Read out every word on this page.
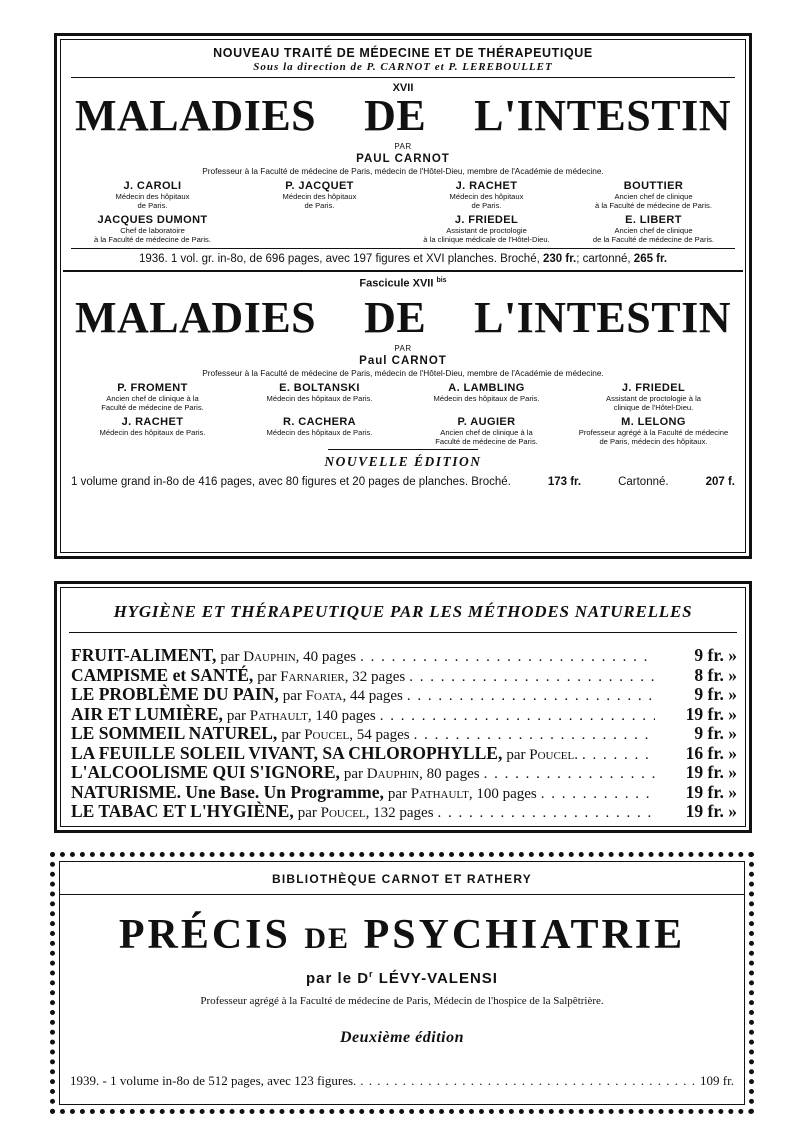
NOUVEAU TRAITÉ DE MÉDECINE ET DE THÉRAPEUTIQUE
Sous la direction de P. CARNOT et P. LEREBOULLET
XVII
MALADIES DE L'INTESTIN
PAR
PAUL CARNOT
Professeur à la Faculté de médecine de Paris, médecin de l'Hôtel-Dieu, membre de l'Académie de médecine.
J. CAROLI
Médecin des hôpitaux
de Paris.
P. JACQUET
Médecin des hôpitaux
de Paris.
J. RACHET
Médecin des hôpitaux
de Paris.
BOUTTIER
Ancien chef de clinique
à la Faculté de médecine de Paris.
JACQUES DUMONT
Chef de laboratoire
à la Faculté de médecine de Paris.
J. FRIEDEL
Assistant de proctologie
à la clinique médicale de l'Hôtel-Dieu.
E. LIBERT
Ancien chef de clinique
de la Faculté de médecine de Paris.
1936. 1 vol. gr. in-8o, de 696 pages, avec 197 figures et XVI planches. Broché, 230 fr.; cartonné, 265 fr.
Fascicule XVII $^{bis}$
MALADIES DE L'INTESTIN
PAR
Paul CARNOT
Professeur à la Faculté de médecine de Paris, médecin de l'Hôtel-Dieu, membre de l'Académie de médecine.
P. FROMENT
Ancien chef de clinique à la
Faculté de médecine de Paris.
E. BOLTANSKI
Médecin des hôpitaux de Paris.
A. LAMBLING
Médecin des hôpitaux de Paris.
J. FRIEDEL
Assistant de proctologie à la
clinique de l'Hôtel-Dieu.
J. RACHET
Médecin des hôpitaux de Paris.
R. CACHERA
Médecin des hôpitaux de Paris.
P. AUGIER
Ancien chef de clinique à la
Faculté de médecine de Paris.
M. LELONG
Professeur agrégé à la Faculté de médecine
de Paris, médecin des hôpitaux.
NOUVELLE ÉDITION
1 volume grand in-8o de 416 pages, avec 80 figures et 20 pages de planches. Broché.	173 fr.	Cartonné.	207 f.
HYGIÈNE ET THÉRAPEUTIQUE PAR LES MÉTHODES NATURELLES
FRUIT-ALIMENT, par Dauphin, 40 pages . . .	9 fr. »
CAMPISME et SANTÉ, par Farnarier, 32 pages . . .	8 fr. »
LE PROBLÈME DU PAIN, par Foata, 44 pages . . .	9 fr. »
AIR ET LUMIÈRE, par Pathault, 140 pages . . .	19 fr. »
LE SOMMEIL NATUREL, par Poucel, 54 pages . . .	9 fr. »
LA FEUILLE SOLEIL VIVANT, SA CHLOROPHYLLE, par Poucel. . . .	16 fr. »
L'ALCOOLISME QUI S'IGNORE, par Dauphin, 80 pages . . .	19 fr. »
NATURISME. Une Base. Un Programme, par Pathault, 100 pages . . .	19 fr. »
LE TABAC ET L'HYGIÈNE, par Poucel, 132 pages . . .	19 fr. »
BIBLIOTHÈQUE CARNOT ET RATHERY
PRÉCIS DE PSYCHIATRIE
par le $D^r$ LÉVY-VALENSI
Professeur agrégé à la Faculté de médecine de Paris, Médecin de l'hospice de la Salpêtrière.
Deuxième édition
1939. - 1 volume in-8o de 512 pages, avec 123 figures. . . .	109 fr.
